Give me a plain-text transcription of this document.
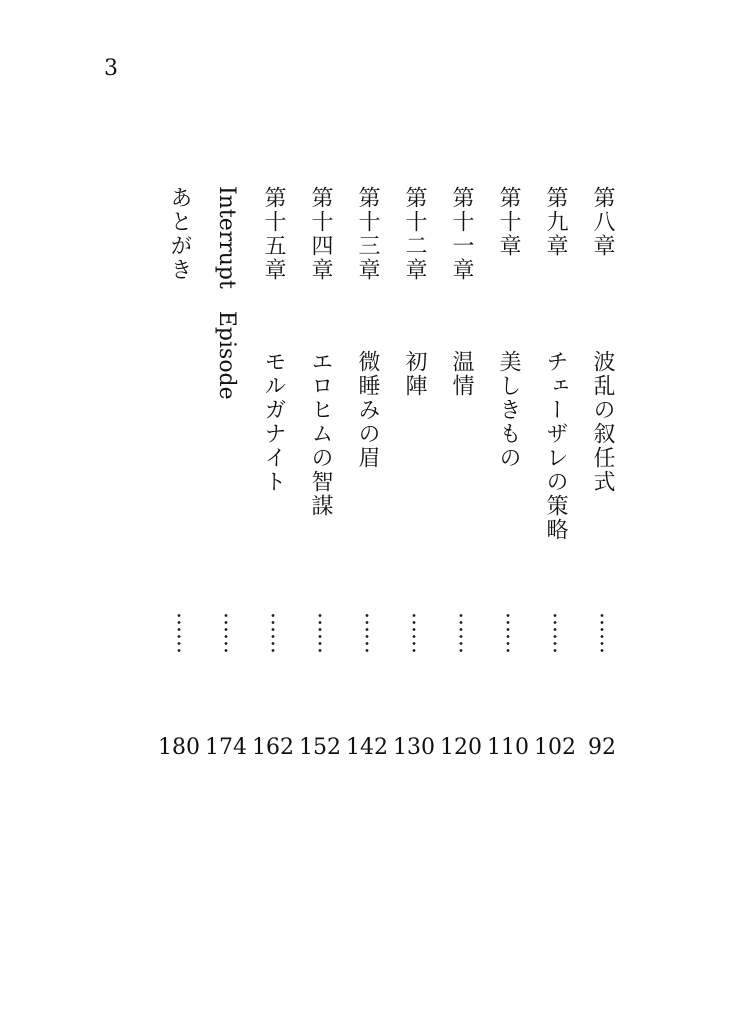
3
第八章
波乱の叙任式
92
第九章
チェーザレの策略
102
第十章
美しきもの
110
第十一章
温情
120
第十二章
初陣
130
第十三章
微睡みの眉
142
第十四章
エロヒムの智謀
152
第十五章
モルガナイト
162
Interrupt　Episode
174
あとがき
180
